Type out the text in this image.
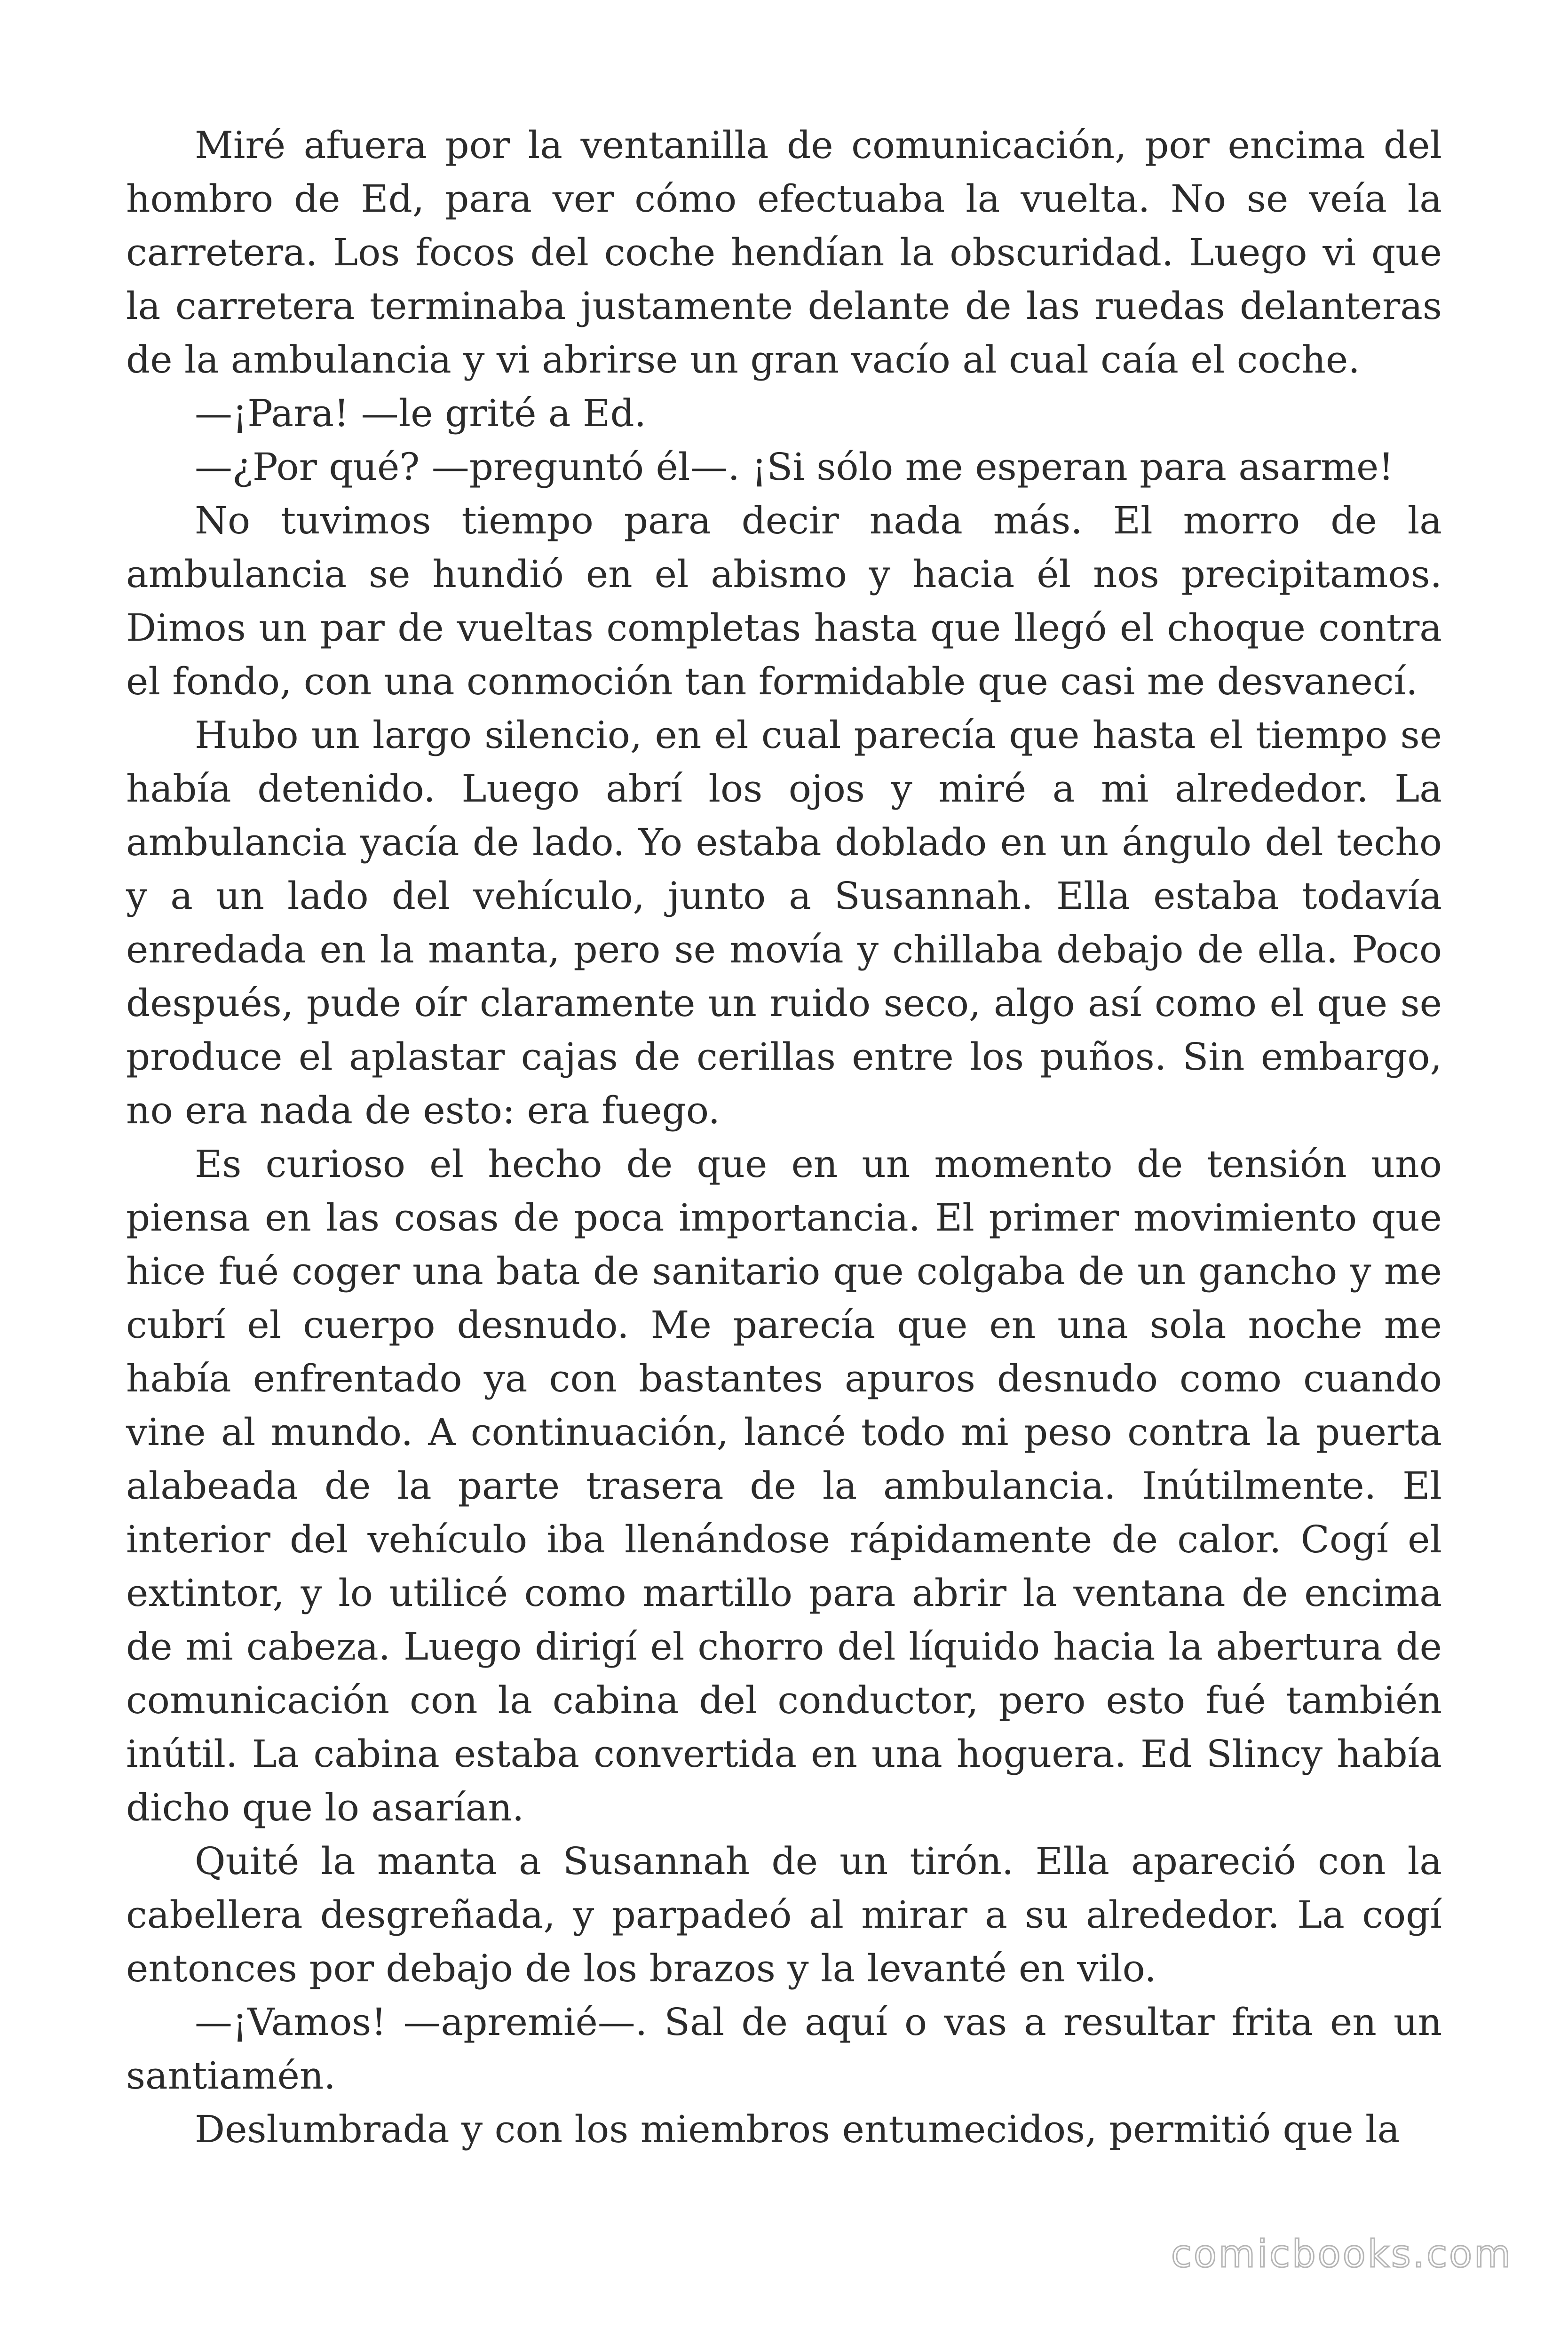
Miré afuera por la ventanilla de comunicación, por encima del hombro de Ed, para ver cómo efectuaba la vuelta. No se veía la carretera. Los focos del coche hendían la obscuridad. Luego vi que la carretera terminaba justamente delante de las ruedas delanteras de la ambulancia y vi abrirse un gran vacío al cual caía el coche.

—¡Para! —le grité a Ed.

—¿Por qué? —preguntó él—. ¡Si sólo me esperan para asarme!

No tuvimos tiempo para decir nada más. El morro de la ambulancia se hundió en el abismo y hacia él nos precipitamos. Dimos un par de vueltas completas hasta que llegó el choque contra el fondo, con una conmoción tan formidable que casi me desvanecí.

Hubo un largo silencio, en el cual parecía que hasta el tiempo se había detenido. Luego abrí los ojos y miré a mi alrededor. La ambulancia yacía de lado. Yo estaba doblado en un ángulo del techo y a un lado del vehículo, junto a Susannah. Ella estaba todavía enredada en la manta, pero se movía y chillaba debajo de ella. Poco después, pude oír claramente un ruido seco, algo así como el que se produce el aplastar cajas de cerillas entre los puños. Sin embargo, no era nada de esto: era fuego.

Es curioso el hecho de que en un momento de tensión uno piensa en las cosas de poca importancia. El primer movimiento que hice fué coger una bata de sanitario que colgaba de un gancho y me cubrí el cuerpo desnudo. Me parecía que en una sola noche me había enfrentado ya con bastantes apuros desnudo como cuando vine al mundo. A continuación, lancé todo mi peso contra la puerta alabeada de la parte trasera de la ambulancia. Inútilmente. El interior del vehículo iba llenándose rápidamente de calor. Cogí el extintor, y lo utilicé como martillo para abrir la ventana de encima de mi cabeza. Luego dirigí el chorro del líquido hacia la abertura de comunicación con la cabina del conductor, pero esto fué también inútil. La cabina estaba convertida en una hoguera. Ed Slincy había dicho que lo asarían.

Quité la manta a Susannah de un tirón. Ella apareció con la cabellera desgreñada, y parpadeó al mirar a su alrededor. La cogí entonces por debajo de los brazos y la levanté en vilo.

—¡Vamos! —apremié—. Sal de aquí o vas a resultar frita en un santiamén.

Deslumbrada y con los miembros entumecidos, permitió que la

comicbooks.com
